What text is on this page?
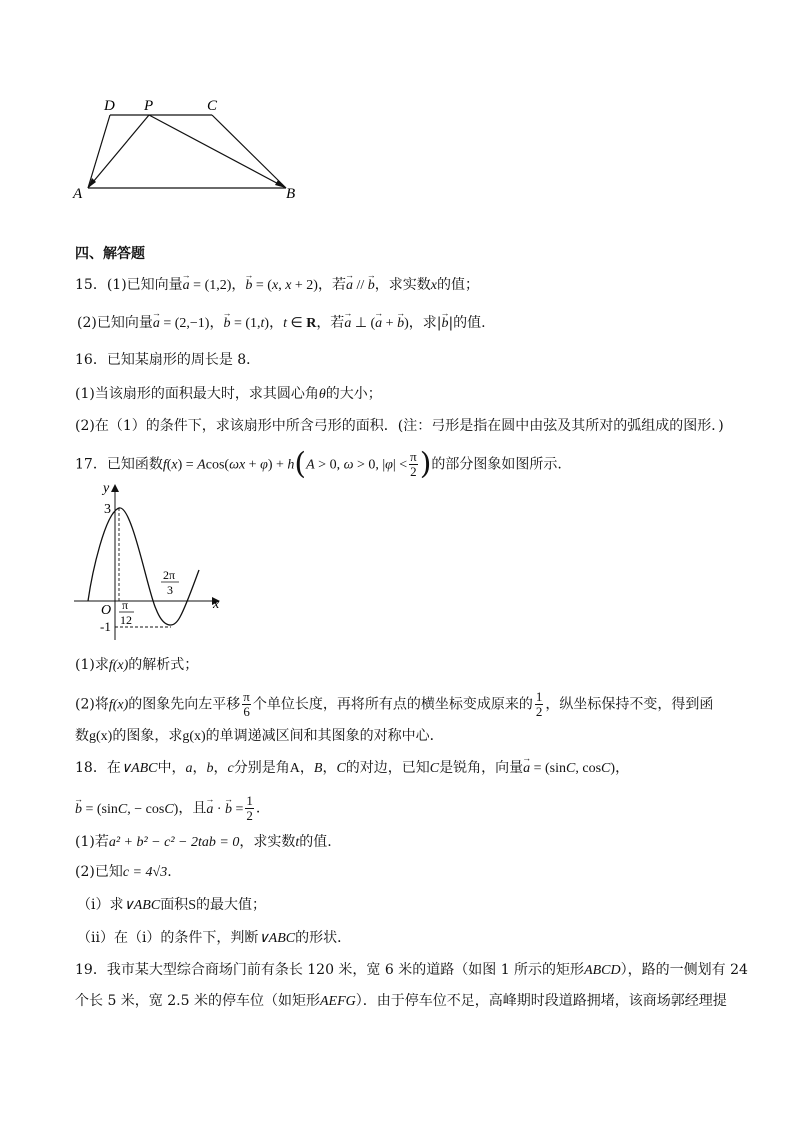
D P	C
A	B
四、解答题
15．(1)已知向量→ a = (1,2)，→ b = (x, x + 2)，若→ a // → b，求实数x的值；
(2)已知向量→ a = (2,−1)，→ b = (1,t)，t ∈ R，若→ a ⊥ (→ a + → b)，求|→ b|的值.
16．已知某扇形的周长是 8．
(1)当该扇形的面积最大时，求其圆心角θ的大小；
(2)在（1）的条件下，求该扇形中所含弓形的面积．(注：弓形是指在圆中由弦及其所对的弧组成的图形．)
17．已知函数f(x) = Acos(ωx + φ) + h(A > 0, ω > 0, $|\varphi| < \frac{\pi}{2}$ )的部分图象如图所示.
y
x
O
3
-1
π
12
2π
3
(1)求f(x)的解析式；
(2)将f(x)的图象先向左平移 $\frac{\pi}{6}$ 个单位长度，再将所有点的横坐标变成原来的 $\frac{1}{2}$ ，纵坐标保持不变，得到函
数g(x)的图象，求g(x)的单调递减区间和其图象的对称中心．
18．在∨ABC中，a，b，c分别是角A，B，C的对边，已知C是锐角，向量→ a = (sinC, cosC)，
→ b = (sinC, − cosC)，且→ a · → $b = \frac{1}{2}$ .
(1)若a² + b² − c² − 2tab = 0，求实数t的值.
(2)已知c = 4√3.
（i）求∨ABC面积S的最大值；
（ii）在（i）的条件下，判断∨ABC的形状．
19．我市某大型综合商场门前有条长 120 米，宽 6 米的道路（如图 1 所示的矩形ABCD），路的一侧划有 24
个长 5 米，宽 2.5 米的停车位（如矩形AEFG）．由于停车位不足，高峰期时段道路拥堵，该商场郭经理提
